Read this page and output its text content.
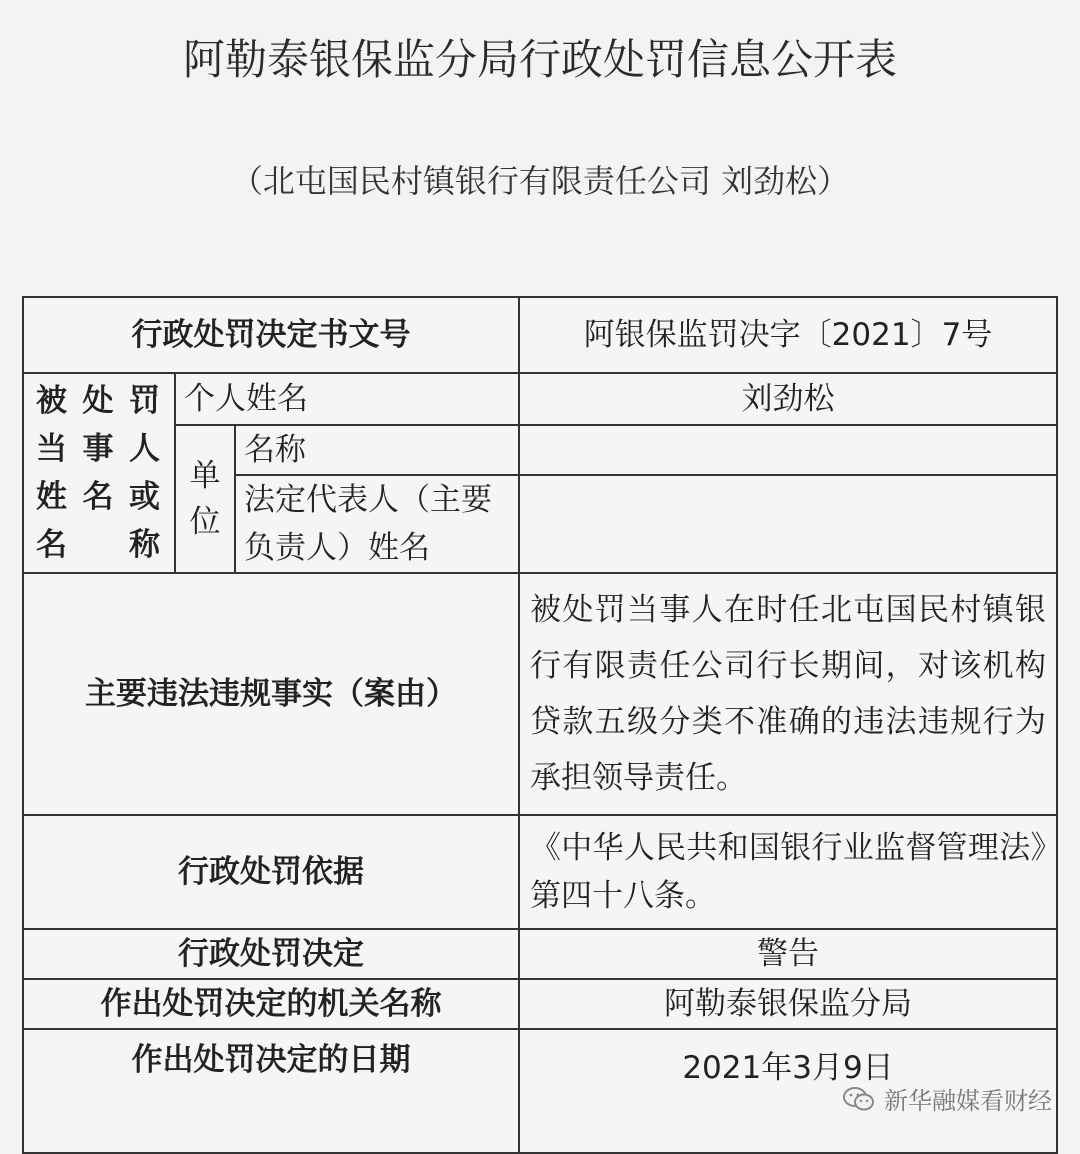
阿勒泰银保监分局行政处罚信息公开表
（北屯国民村镇银行有限责任公司 刘劲松）
行政处罚决定书文号			阿银保监罚决字〔2021〕7号
被处罚当事人姓名或名称	个人姓名		刘劲松

	单位	名称	
		法定代表人（主要负责人）姓名	
主要违法违规事实（案由）			被处罚当事人在时任北屯国民村镇银行有限责任公司行长期间，对该机构贷款五级分类不准确的违法违规行为承担领导责任。
行政处罚依据			《中华人民共和国银行业监督管理法》第四十八条。
行政处罚决定			警告
作出处罚决定的机关名称			阿勒泰银保监分局
作出处罚决定的日期			2021年3月9日
新华融媒看财经
